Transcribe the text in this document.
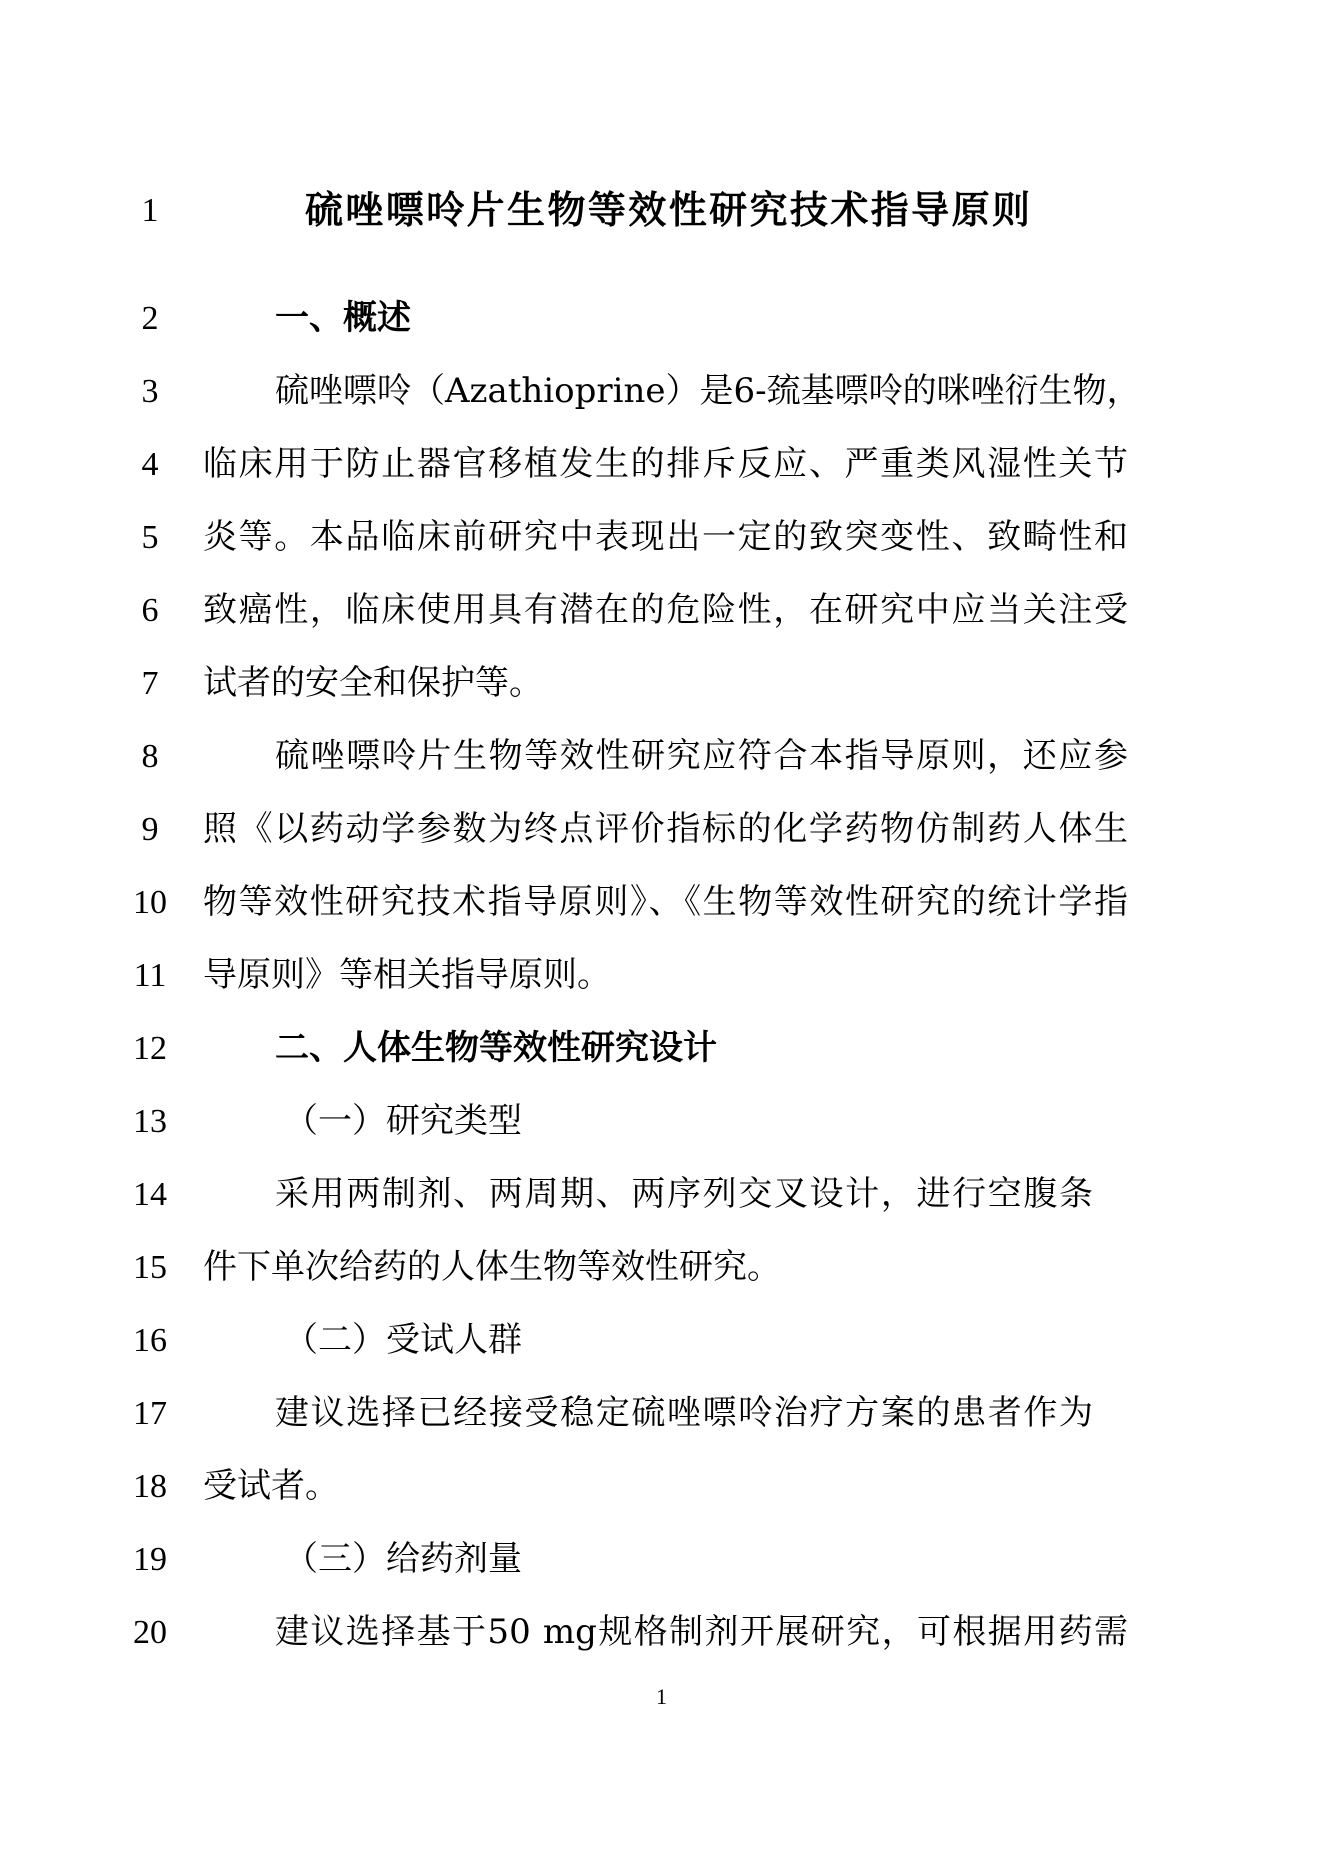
1	硫唑嘌呤片生物等效性研究技术指导原则
2	一、概述
3	硫唑嘌呤（Azathioprine）是6-巯基嘌呤的咪唑衍生物，
4	临床用于防止器官移植发生的排斥反应、严重类风湿性关节
5	炎等。本品临床前研究中表现出一定的致突变性、致畸性和
6	致癌性，临床使用具有潜在的危险性，在研究中应当关注受
7	试者的安全和保护等。
8	硫唑嘌呤片生物等效性研究应符合本指导原则，还应参
9	照《以药动学参数为终点评价指标的化学药物仿制药人体生
10	物等效性研究技术指导原则》、《生物等效性研究的统计学指
11	导原则》等相关指导原则。
12	二、人体生物等效性研究设计
13	（一）研究类型
14	采用两制剂、两周期、两序列交叉设计，进行空腹条
15	件下单次给药的人体生物等效性研究。
16	（二）受试人群
17	建议选择已经接受稳定硫唑嘌呤治疗方案的患者作为
18	受试者。
19	（三）给药剂量
20	建议选择基于50 mg规格制剂开展研究，可根据用药需
1
